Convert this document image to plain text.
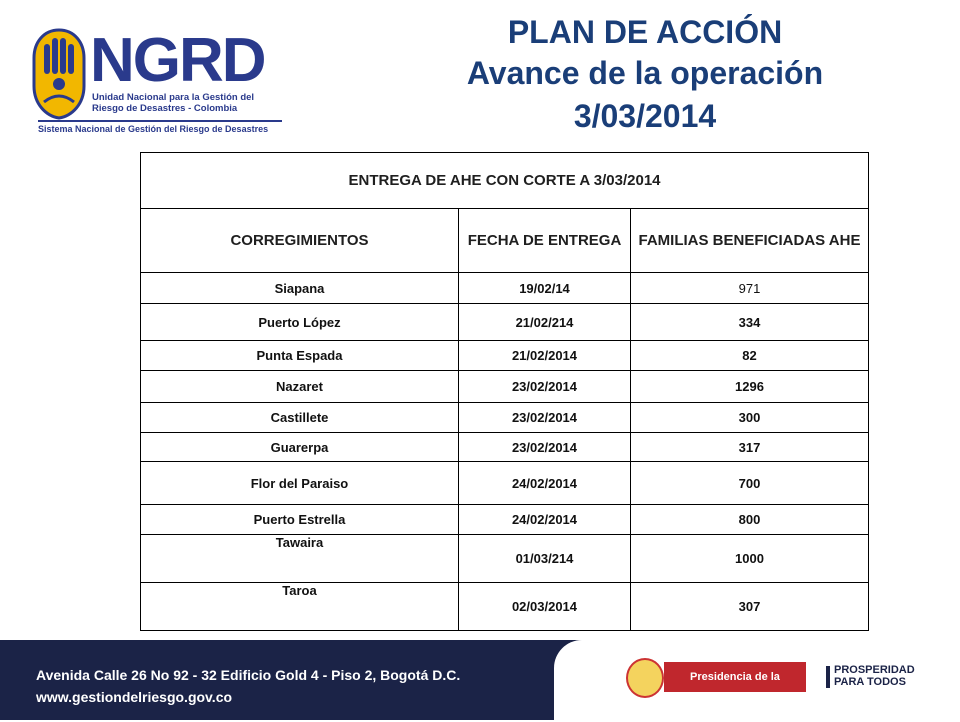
NGRD
Unidad Nacional para la Gestión del
Riesgo de Desastres - Colombia
Sistema Nacional de Gestión del Riesgo de Desastres
PLAN DE ACCIÓN
Avance de la operación
3/03/2014
ENTREGA DE AHE CON CORTE A 3/03/2014		
CORREGIMIENTOS	FECHA DE ENTREGA	FAMILIAS BENEFICIADAS AHE
Siapana	19/02/14	971
Puerto López	21/02/214	334
Punta Espada	21/02/2014	82
Nazaret	23/02/2014	1296
Castillete	23/02/2014	300
Guarerpa	23/02/2014	317
Flor del Paraiso	24/02/2014	700
Puerto Estrella	24/02/2014	800
Tawaira	01/03/214	1000
Taroa	02/03/2014	307
Avenida Calle 26 No 92 - 32 Edificio Gold 4 - Piso 2, Bogotá D.C.
www.gestiondelriesgo.gov.co
Presidencia de la República
PROSPERIDAD
PARA TODOS
